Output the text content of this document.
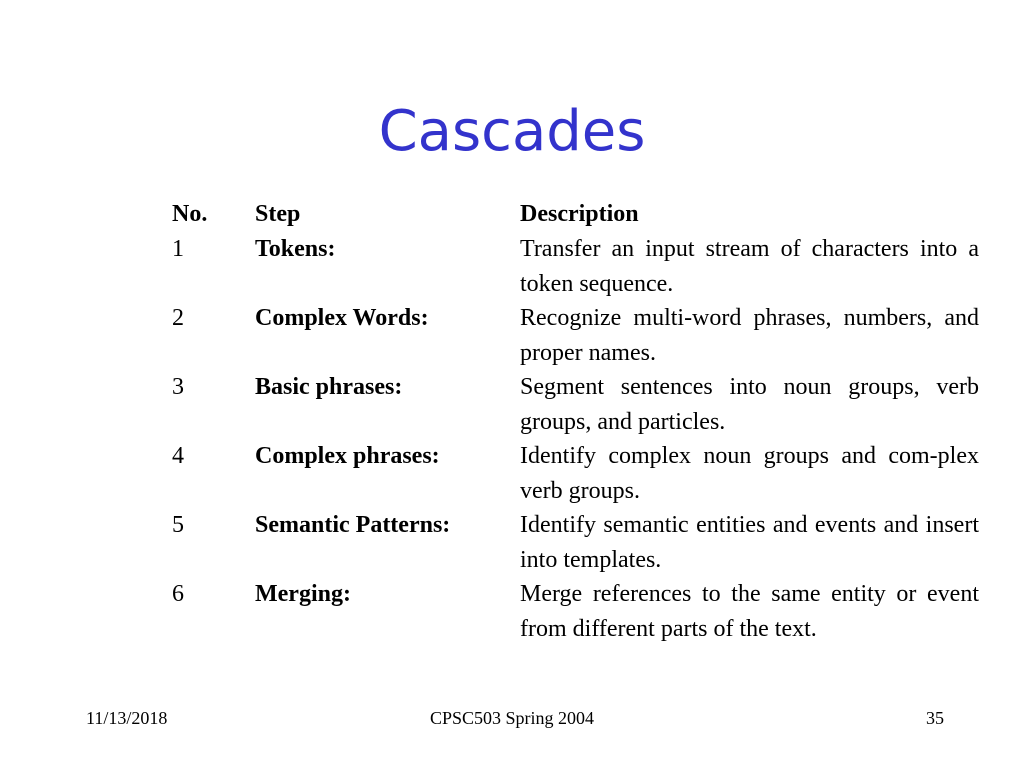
Cascades
No.	Step	Description
1	Tokens:	Transfer an input stream of characters into a token sequence.
2	Complex Words:	Recognize multi-word phrases, numbers, and proper names.
3	Basic phrases:	Segment sentences into noun groups, verb groups, and particles.
4	Complex phrases:	Identify complex noun groups and com-plex verb groups.
5	Semantic Patterns:	Identify semantic entities and events and insert into templates.
6	Merging:	Merge references to the same entity or event from different parts of the text.
11/13/2018	CPSC503 Spring 2004	35
